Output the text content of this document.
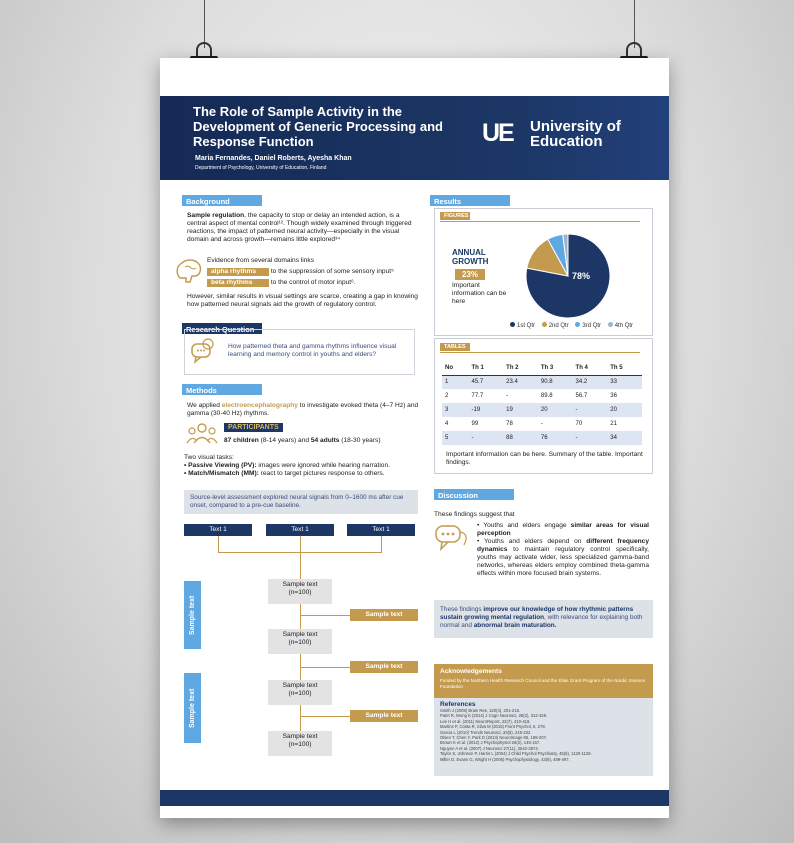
The Role of Sample Activity in the Development of Generic Processing and Response Function
Maria Fernandes, Daniel Roberts, Ayesha Khan
Department of Psychology, University of Education, Finland
UE University of Education
Background
Sample regulation, the capacity to stop or delay an intended action, is a central aspect of mental control¹². Though widely examined through triggered reactions, the impact of patterned neural activity—especially in the visual domain and across growth—remains little explored³⁴
Evidence from several domains links
alpha rhythms to the suppression of some sensory input⁵
beta rhythms	to the control of motor input⁶.
However, similar results in visual settings are scarce, creating a gap in knowing how patterned neural signals aid the growth of regulatory control.
Research Question
How patterned theta and gamma rhythms influence visual learning and memory control in youths and elders?
Methods
We applied electroencephalography to investigate evoked theta (4–7 Hz) and gamma (30-40 Hz) rhythms.
PARTICIPANTS
87 children (8-14 years) and 54 adults (18-30 years)
Two visual tasks:
• Passive Viewing (PV): images were ignored while hearing narration.
• Match/Mismatch (MM): react to target pictures response to others.
Source-level assessment explored neural signals from 0–1600 ms after cue onset, compared to a pre-cue baseline.
Text 1	Text 1	Text 1
Sample text
Sample text
Sample text
(n=100)
Sample text
(n=100)
Sample text
(n=100)
Sample text
(n=100)
Sample text
Sample text
Sample text
Results
FIGURES
ANNUAL GROWTH
23%
Important information can be here
78%
1st Qtr 2nd Qtr 3rd Qtr 4th Qtr
TABLES
No	Th 1	Th 2	Th 3	Th 4	Th 5
1	45.7	23.4	90.8	34.2	33
2	77.7	-	89.8	56.7	36
3	-19	19	20	-	20
4	99	78	-	70	21
5	-	88	76	-	34
Important information can be here. Summary of the table. Important findings.
Discussion
These findings suggest that
• Youths and elders engage similar areas for visual perception
• Youths and elders depend on different frequency dynamics to maintain regulatory control specifically, youths may activate wider, less specialized gamma-band networks, whereas elders employ combined theta-gamma effects within more focused brain systems.
These findings improve our knowledge of how rhythmic patterns sustain growing mental regulation, with relevance for explaining both normal and abnormal brain maturation.
Acknowledgements
Funded by the Northern Health Research Council and the Elias Grant Program of the Nordic Science Foundation
References
Smith J (2008) Brain Res, 120(4), 201-215.
Patel R, Wong K (2014) J Cogn Neurosci, 26(2), 312-329.
Lee H et al. (2011) NeuroReport, 22(7), 410-418.
Martins P, Costa R, Silva M (2015) Front Psychol, 6, 278.
Garcia L (2010) Trends Neurosci, 33(5), 215-222.
Olsen T, Chen Y, Park D (2013) NeuroImage 65, 198-207.
Brown K et al. (2012) J Psychophysiol 26(2), 145-157.
Nguyen A et al. (2007) J Neurosci 27(11), 3542-3574.
Taylor S, Johnson P, Harris L (2004) J Child Psychol Psychiatry, 45(8), 1120-1128.
Miller D, Evans G, Wright H (2006) Psychophysiology, 43(6), 489-497.
